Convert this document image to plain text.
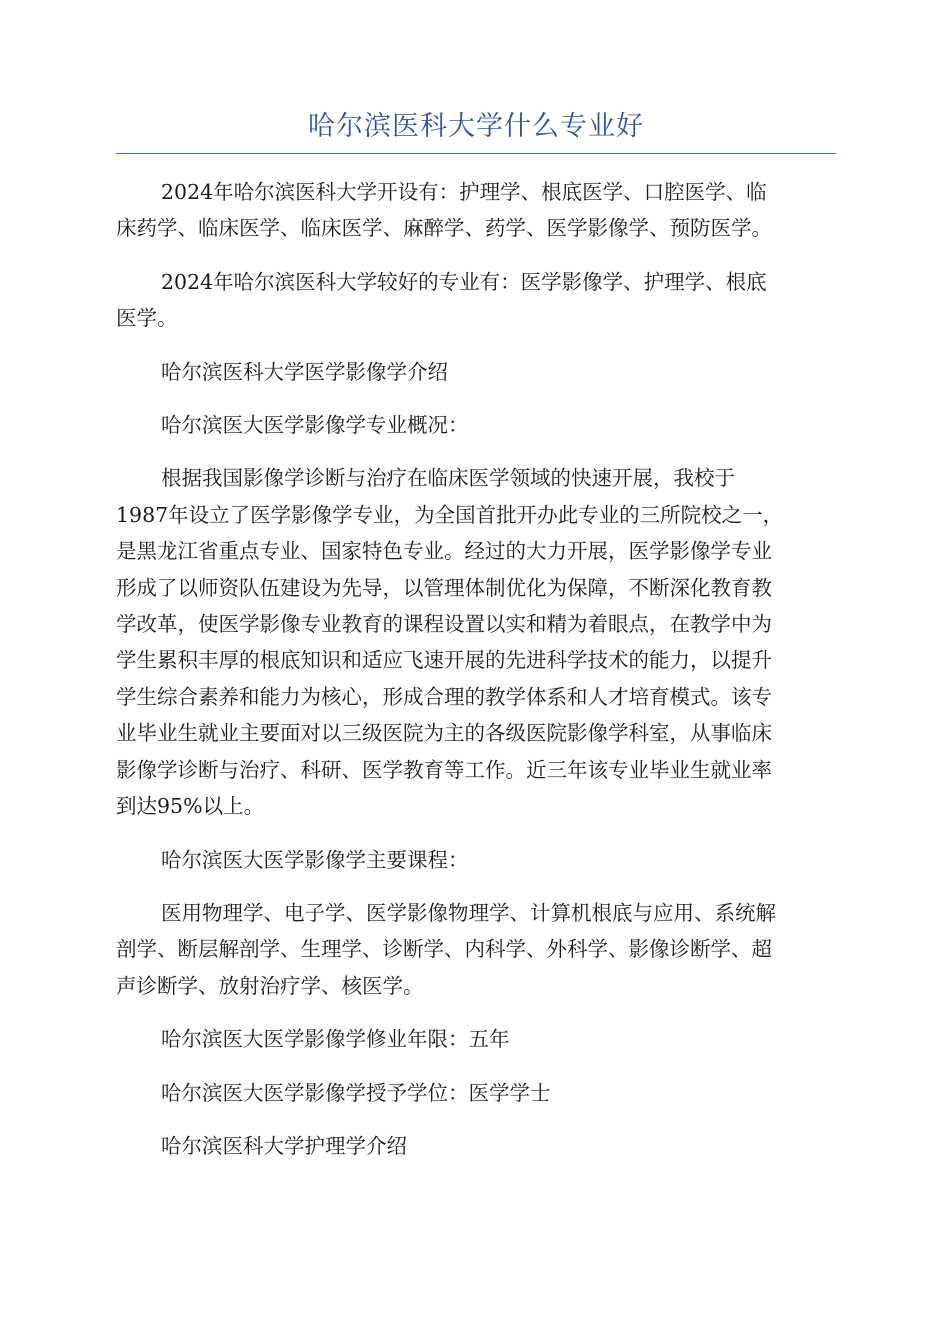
哈尔滨医科大学什么专业好

2024年哈尔滨医科大学开设有：护理学、根底医学、口腔医学、临
床药学、临床医学、临床医学、麻醉学、药学、医学影像学、预防医学。

2024年哈尔滨医科大学较好的专业有：医学影像学、护理学、根底
医学。

哈尔滨医科大学医学影像学介绍

哈尔滨医大医学影像学专业概况：

根据我国影像学诊断与治疗在临床医学领域的快速开展，我校于
1987年设立了医学影像学专业，为全国首批开办此专业的三所院校之一，
是黑龙江省重点专业、国家特色专业。经过的大力开展，医学影像学专业
形成了以师资队伍建设为先导，以管理体制优化为保障，不断深化教育教
学改革，使医学影像专业教育的课程设置以实和精为着眼点，在教学中为
学生累积丰厚的根底知识和适应飞速开展的先进科学技术的能力，以提升
学生综合素养和能力为核心，形成合理的教学体系和人才培育模式。该专
业毕业生就业主要面对以三级医院为主的各级医院影像学科室，从事临床
影像学诊断与治疗、科研、医学教育等工作。近三年该专业毕业生就业率
到达95%以上。

哈尔滨医大医学影像学主要课程：

医用物理学、电子学、医学影像物理学、计算机根底与应用、系统解
剖学、断层解剖学、生理学、诊断学、内科学、外科学、影像诊断学、超
声诊断学、放射治疗学、核医学。

哈尔滨医大医学影像学修业年限：五年

哈尔滨医大医学影像学授予学位：医学学士

哈尔滨医科大学护理学介绍
